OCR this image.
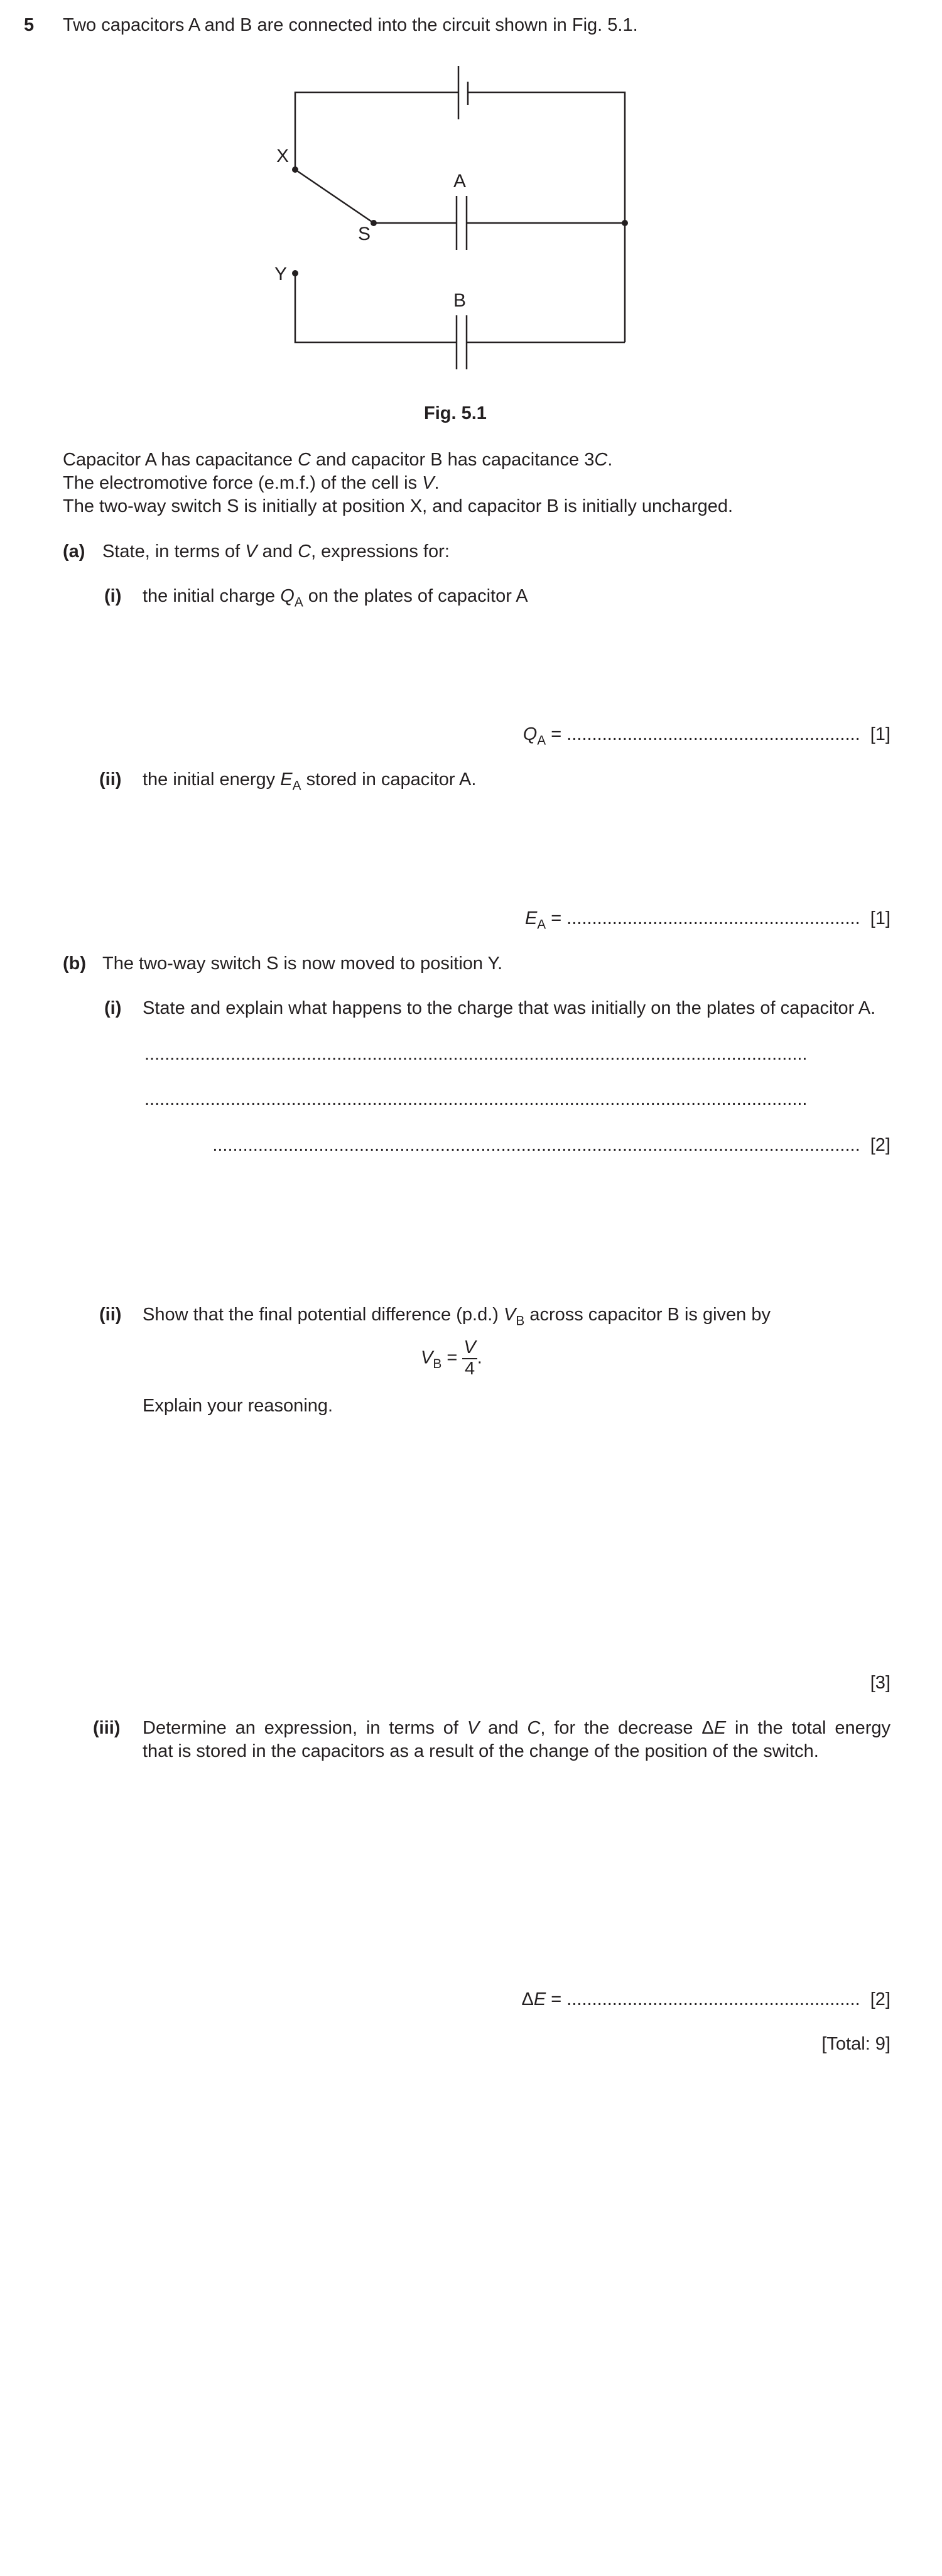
5 Two capacitors A and B are connected into the circuit shown in Fig. 5.1.
X
S
Y
A
B
Fig. 5.1
Capacitor A has capacitance C and capacitor B has capacitance 3C.
The electromotive force (e.m.f.) of the cell is V.
The two-way switch S is initially at position X, and capacitor B is initially uncharged.
(a) State, in terms of V and C, expressions for:
(i) the initial charge $Q_A$ on the plates of capacitor A
$Q_A$ = .......................................................... [1]
(ii) the initial energy $E_A$ stored in capacitor A.
$E_A$ = .......................................................... [1]
(b) The two-way switch S is now moved to position Y.
(i) State and explain what happens to the charge that was initially on the plates of capacitor A.
...................................................................................................................................
...................................................................................................................................
................................................................................................................................ [2]
(ii) Show that the final potential difference (p.d.) $V_B$ across capacitor B is given by
$V_B = \frac{V}{4}$ .
Explain your reasoning.
[3]
(iii) Determine an expression, in terms of V and C, for the decrease ΔE in the total energy
that is stored in the capacitors as a result of the change of the position of the switch.
ΔE = .......................................................... [2]
[Total: 9]
